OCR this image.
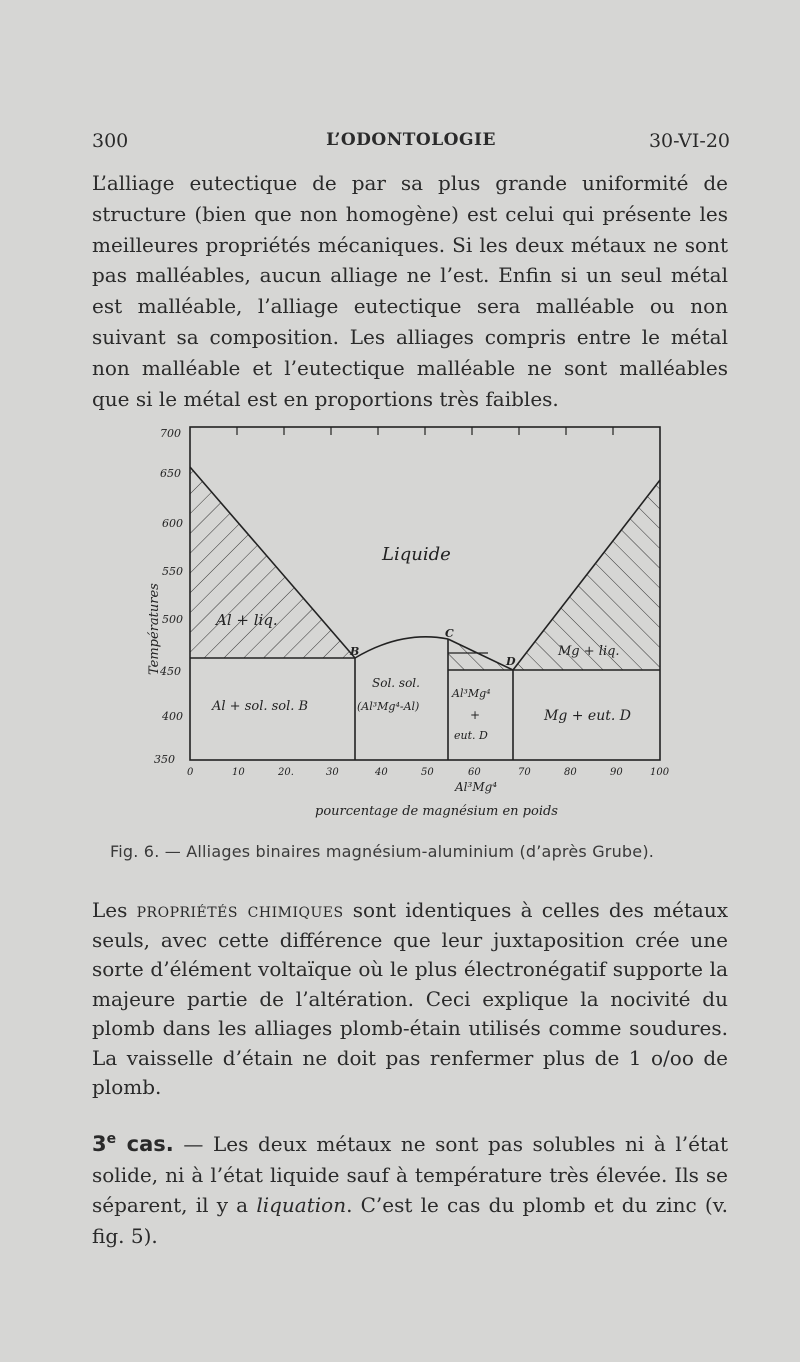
300	L’ODONTOLOGIE	30-VI-20
L’alliage eutectique de par sa plus grande uniformité de structure (bien que non homogène) est celui qui présente les meilleures propriétés mécaniques. Si les deux métaux ne sont pas malléables, aucun alliage ne l’est. Enfin si un seul métal est malléable, l’alliage eutectique sera malléable ou non suivant sa composition. Les alliages compris entre le métal non malléable et l’eutectique malléable ne sont malléables que si le métal est en proportions très faibles.
700
650
600
550
500
450
400
350
Températures
0	10	20.	30	40	50	60	70	80	90	100
Al³Mg⁴
pourcentage de magnésium en poids
B
C
D
Liquide
Al + liq.
Al + sol. sol. B
Sol. sol.
(Al³Mg⁴-Al)
Al³Mg⁴
+
eut. D
Mg + liq.
Mg + eut. D
Fig. 6. — Alliages binaires magnésium-aluminium (d’après Grube).
Les propriétés chimiques sont identiques à celles des métaux seuls, avec cette différence que leur juxtaposition crée une sorte d’élément voltaïque où le plus électronégatif supporte la majeure partie de l’altération. Ceci explique la nocivité du plomb dans les alliages plomb-étain utilisés comme soudures. La vaisselle d’étain ne doit pas renfermer plus de 1 o/oo de plomb.
3e cas. — Les deux métaux ne sont pas solubles ni à l’état solide, ni à l’état liquide sauf à température très élevée. Ils se séparent, il y a liquation. C’est le cas du plomb et du zinc (v. fig. 5).
